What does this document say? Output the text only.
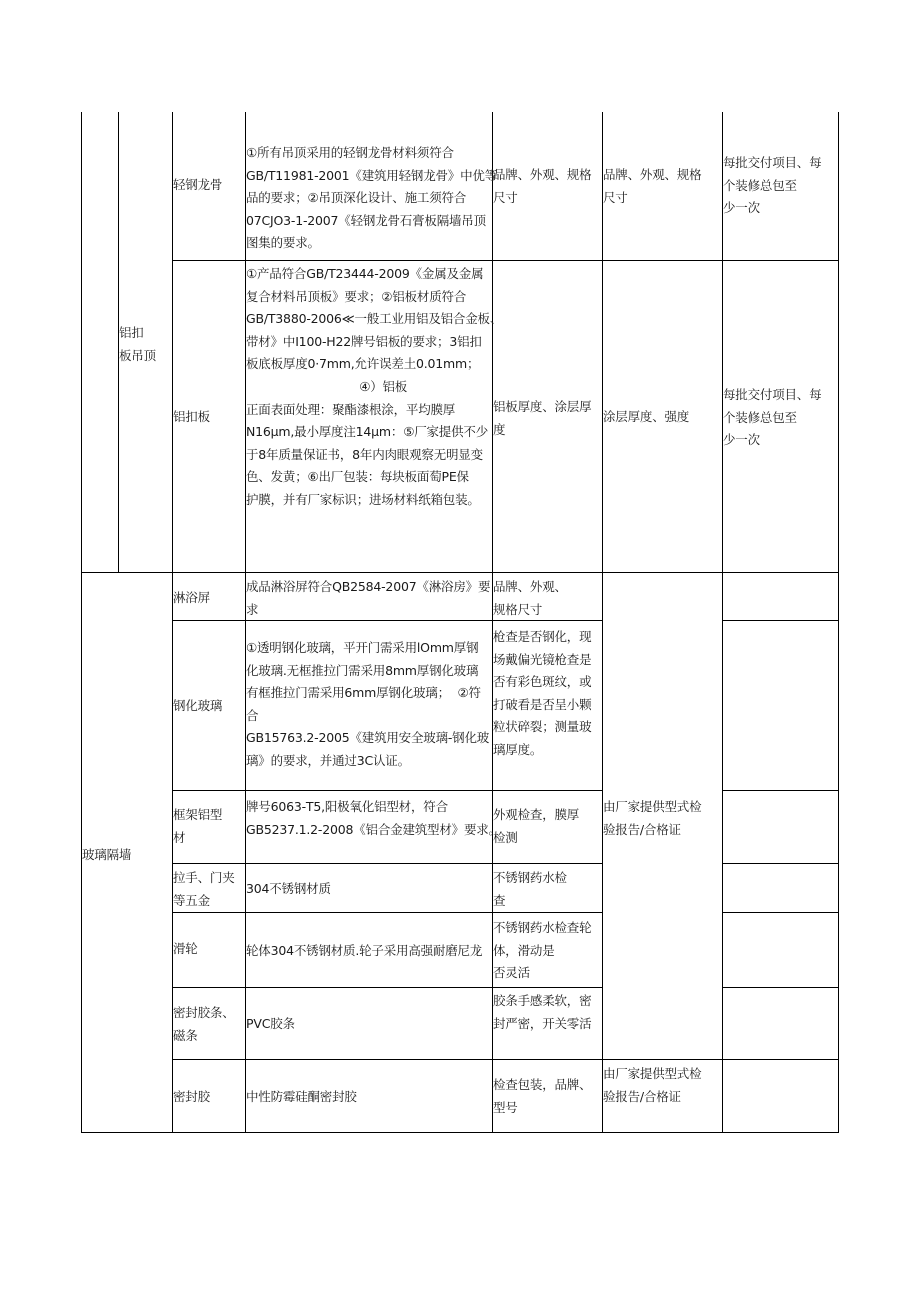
铝扣
板吊顶
玻璃隔墙
轻钢龙骨
①所有吊顶采用的轻钢龙骨材料须符合
GB/T11981-2001《建筑用轻钢龙骨》中优等
品的要求；②吊顶深化设计、施工须符合
07CJO3-1-2007《轻钢龙骨石膏板隔墙吊顶
图集的要求。
品牌、外观、规格
尺寸
品牌、外观、规格
尺寸
每批交付项目、每
个装修总包至
少一次
铝扣板
①产品符合GB/T23444-2009《金属及金属
复合材料吊顶板》要求；②铝板材质符合
GB/T3880-2006≪一般工业用铝及铝合金板、
带材》中I100-H22牌号铝板的要求；3铝扣
板底板厚度0·7mm,允许误差土0.01mm；
④）铝板
正面表面处理：聚酯漆根涂，平均膜厚
N16μm,最小厚度注14μm：⑤厂家提供不少
于8年质量保证书，8年内肉眼观察无明显变
色、发黄；⑥出厂包装：每块板面萄PE保
护膜，并有厂家标识；进场材料纸箱包装。
铝板厚度、涂层厚
度
涂层厚度、强度
每批交付项目、每
个装修总包至
少一次
淋浴屏
成品淋浴屏符合QB2584-2007《淋浴房》要
求
品牌、外观、
规格尺寸
钢化玻璃
①透明钢化玻璃，平开门需采用lOmm厚钢
化玻璃.无框推拉门需采用8mm厚钢化玻璃
有框推拉门需采用6mm厚钢化玻璃；  ②符
合
GB15763.2-2005《建筑用安全玻璃-钢化玻
璃》的要求，并通过3C认证。
枪查是否钢化，现
场戴偏光镜枪查是
否有彩色斑纹，或
打破看是否呈小颗
粒状碎裂；测量玻
璃厚度。
框架铝型
材
牌号6063-T5,阳极氧化铝型材，符合
GB5237.1.2-2008《铝合金建筑型材》要求。
外观检查，膜厚
检测
由厂家提供型式检
验报告/合格证
拉手、门夹
等五金
304不锈钢材质
不锈钢药水检
查
滑轮	轮体304不锈钢材质.轮子采用高强耐磨尼龙
不锈钢药水检查轮
体，滑动是
否灵活
密封胶条、
磁条
PVC胶条
胶条手感柔软，密
封严密，开关零活
密封胶	中性防霉硅酮密封胶
检查包装，品牌、
型号
由厂家提供型式检
验报告/合格证
